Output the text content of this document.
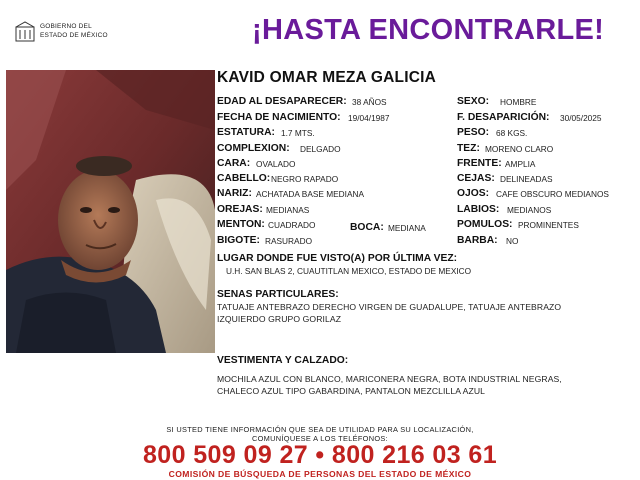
GOBIERNO DEL
ESTADO DE MÉXICO	¡HASTA ENCONTRARLE!
KAVID OMAR MEZA GALICIA
EDAD AL DESAPARECER: 38 AÑOS
FECHA DE NACIMIENTO: 19/04/1987
ESTATURA: 1.7 MTS.
COMPLEXION: DELGADO
CARA: OVALADO
CABELLO: NEGRO RAPADO
NARIZ: ACHATADA BASE MEDIANA
OREJAS: MEDIANAS
MENTON: CUADRADO	BOCA: MEDIANA
BIGOTE: RASURADO
SEXO: HOMBRE
F. DESAPARICIÓN: 30/05/2025
PESO: 68 KGS.
TEZ: MORENO CLARO
FRENTE: AMPLIA
CEJAS: DELINEADAS
OJOS: CAFE OBSCURO MEDIANOS
LABIOS: MEDIANOS
POMULOS: PROMINENTES
BARBA: NO
LUGAR DONDE FUE VISTO(A) POR ÚLTIMA VEZ:
U.H. SAN BLAS 2, CUAUTITLAN MEXICO, ESTADO DE MEXICO
SENAS PARTICULARES:
TATUAJE ANTEBRAZO DERECHO VIRGEN DE GUADALUPE, TATUAJE ANTEBRAZO
IZQUIERDO GRUPO GORILAZ
VESTIMENTA Y CALZADO:
MOCHILA AZUL CON BLANCO, MARICONERA NEGRA, BOTA INDUSTRIAL NEGRAS,
CHALECO AZUL TIPO GABARDINA, PANTALON MEZCLILLA AZUL
SI USTED TIENE INFORMACIÓN QUE SEA DE UTILIDAD PARA SU LOCALIZACIÓN,
COMUNÍQUESE A LOS TELÉFONOS:
800 509 09 27 • 800 216 03 61
COMISIÓN DE BÚSQUEDA DE PERSONAS DEL ESTADO DE MÉXICO
